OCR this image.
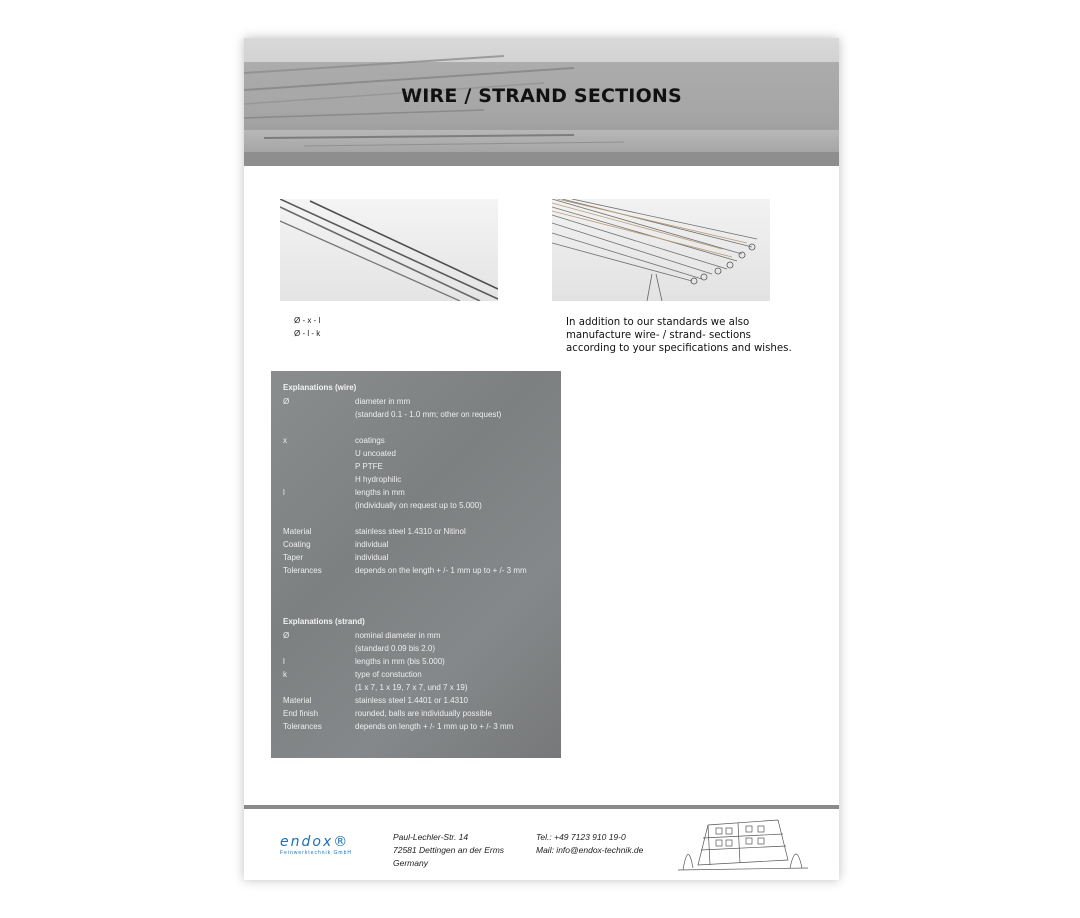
WIRE / STRAND SECTIONS
Ø - x - l
Ø - l - k
In addition to our standards we also
manufacture wire- / strand- sections
according to your specifications and wishes.
Explanations (wire)
Ø	diameter in mm
(standard 0.1 - 1.0 mm; other on request)
x	coatings
U uncoated
P PTFE
H hydrophilic
l	lengths in mm
(individually on request up to 5.000)
Material	stainless steel 1.4310 or Nitinol
Coating	individual
Taper	individual
Tolerances	depends on the length + /- 1 mm up to + /- 3 mm
Explanations (strand)
Ø	nominal diameter in mm
(standard 0.09 bis 2.0)
l	lengths in mm (bis 5.000)
k	type of constuction
(1 x 7, 1 x 19, 7 x 7, und 7 x 19)
Material	stainless steel 1.4401 or 1.4310
End finish	rounded, balls are individually possible
Tolerances	depends on length + /- 1 mm up to + /- 3 mm
endox®
Feinwerktechnik GmbH
Paul-Lechler-Str. 14
72581 Dettingen an der Erms
Germany
Tel.: +49 7123 910 19-0
Mail: info@endox-technik.de
